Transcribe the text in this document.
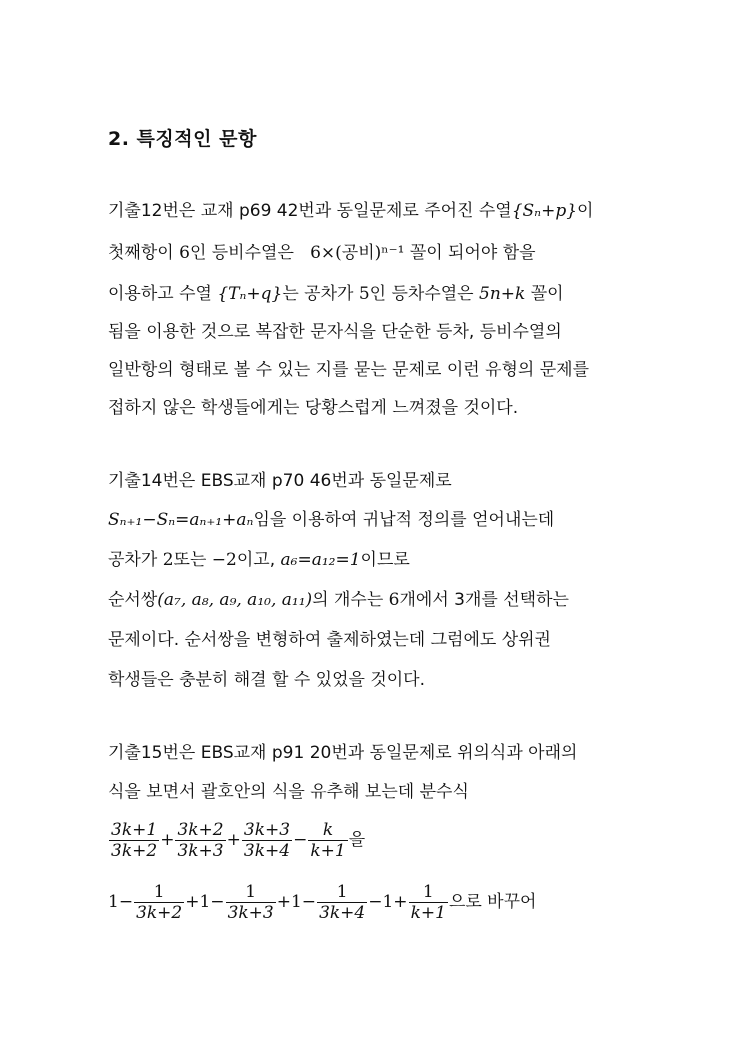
2. 특징적인 문항
기출12번은 교재 p69 42번과 동일문제로 주어진 수열{Sₙ+p}이
첫째항이 6인 등비수열은 6×(공비)ⁿ⁻¹ 꼴이 되어야 함을
이용하고 수열 {Tₙ+q}는 공차가 5인 등차수열은 5n+k 꼴이
됨을 이용한 것으로 복잡한 문자식을 단순한 등차, 등비수열의
일반항의 형태로 볼 수 있는 지를 묻는 문제로 이런 유형의 문제를
접하지 않은 학생들에게는 당황스럽게 느껴졌을 것이다.
기출14번은 EBS교재 p70 46번과 동일문제로
Sₙ₊₁−Sₙ=aₙ₊₁+aₙ임을 이용하여 귀납적 정의를 얻어내는데
공차가 2또는 −2이고, a₆=a₁₂=1이므로
순서쌍(a₇, a₈, a₉, a₁₀, a₁₁)의 개수는 6개에서 3개를 선택하는
문제이다. 순서쌍을 변형하여 출제하였는데 그럼에도 상위권
학생들은 충분히 해결 할 수 있었을 것이다.
기출15번은 EBS교재 p91 20번과 동일문제로 위의식과 아래의
식을 보면서 괄호안의 식을 유추해 보는데 분수식
$\frac{3k+1}{3k+2} + \frac{3k+2}{3k+3} + \frac{3k+3}{3k+4} - \frac{k}{k+1}$ 을
$1- \frac{1}{3k+2} +1- \frac{1}{3k+3} +1- \frac{1}{3k+4} -1+ \frac{1}{k+1}$ 으로 바꾸어
